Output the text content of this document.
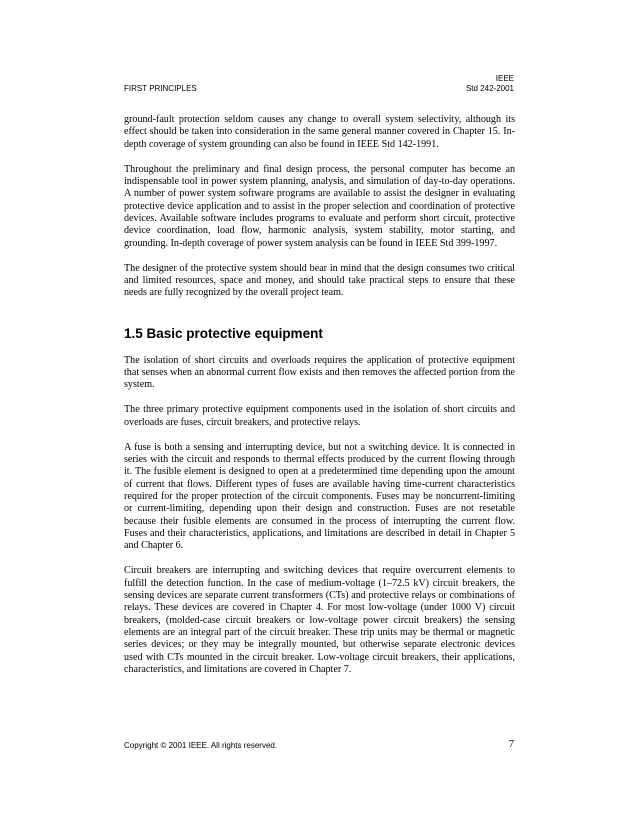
FIRST PRINCIPLES
IEEE
Std 242-2001

ground-fault protection seldom causes any change to overall system selectivity, although its effect should be taken into consideration in the same general manner covered in Chapter 15. In-depth coverage of system grounding can also be found in IEEE Std 142-1991.

Throughout the preliminary and final design process, the personal computer has become an indispensable tool in power system planning, analysis, and simulation of day-to-day operations. A number of power system software programs are available to assist the designer in evaluating protective device application and to assist in the proper selection and coordination of protective devices. Available software includes programs to evaluate and perform short circuit, protective device coordination, load flow, harmonic analysis, system stability, motor starting, and grounding. In-depth coverage of power system analysis can be found in IEEE Std 399-1997.

The designer of the protective system should bear in mind that the design consumes two critical and limited resources, space and money, and should take practical steps to ensure that these needs are fully recognized by the overall project team.

1.5 Basic protective equipment

The isolation of short circuits and overloads requires the application of protective equipment that senses when an abnormal current flow exists and then removes the affected portion from the system.

The three primary protective equipment components used in the isolation of short circuits and overloads are fuses, circuit breakers, and protective relays.

A fuse is both a sensing and interrupting device, but not a switching device. It is connected in series with the circuit and responds to thermal effects produced by the current flowing through it. The fusible element is designed to open at a predetermined time depending upon the amount of current that flows. Different types of fuses are available having time-current characteristics required for the proper protection of the circuit components. Fuses may be noncurrent-limiting or current-limiting, depending upon their design and construction. Fuses are not resetable because their fusible elements are consumed in the process of interrupting the current flow. Fuses and their characteristics, applications, and limitations are described in detail in Chapter 5 and Chapter 6.

Circuit breakers are interrupting and switching devices that require overcurrent elements to fulfill the detection function. In the case of medium-voltage (1–72.5 kV) circuit breakers, the sensing devices are separate current transformers (CTs) and protective relays or combinations of relays. These devices are covered in Chapter 4. For most low-voltage (under 1000 V) circuit breakers, (molded-case circuit breakers or low-voltage power circuit breakers) the sensing elements are an integral part of the circuit breaker. These trip units may be thermal or magnetic series devices; or they may be integrally mounted, but otherwise separate electronic devices used with CTs mounted in the circuit breaker. Low-voltage circuit breakers, their applications, characteristics, and limitations are covered in Chapter 7.

Copyright © 2001 IEEE. All rights reserved.	7
